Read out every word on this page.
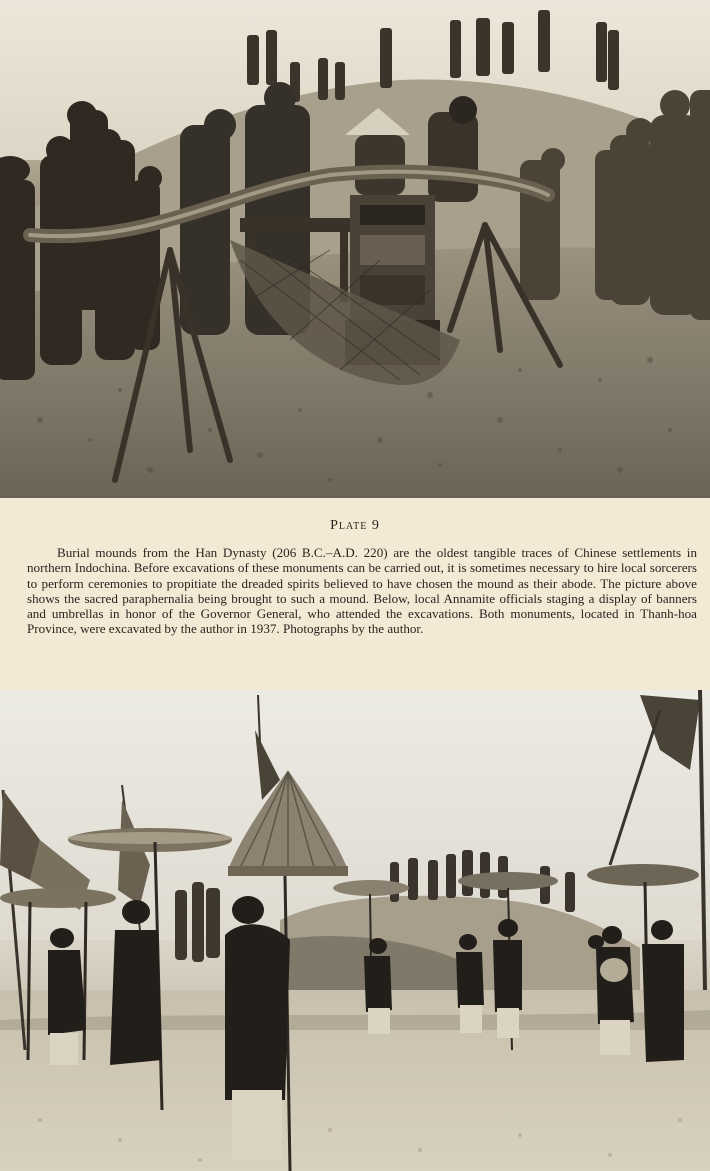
Plate 9

Burial mounds from the Han Dynasty (206 B.C.–A.D. 220) are the oldest tangible traces of Chinese settlements in northern Indochina. Before excavations of these monuments can be carried out, it is sometimes necessary to hire local sorcerers to perform ceremonies to propitiate the dreaded spirits believed to have chosen the mound as their abode. The picture above shows the sacred paraphernalia being brought to such a mound. Below, local Annamite officials staging a display of banners and umbrellas in honor of the Governor General, who attended the excavations. Both monuments, located in Thanh-hoa Province, were excavated by the author in 1937. Photographs by the author.
